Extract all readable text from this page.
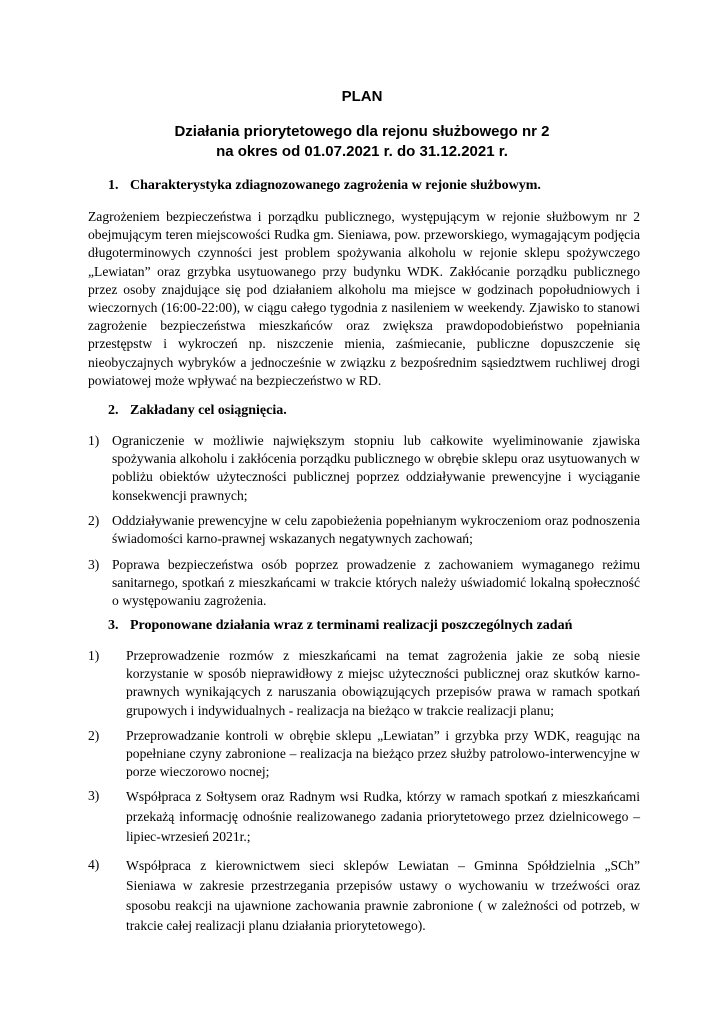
PLAN
Działania priorytetowego dla rejonu służbowego nr 2
na okres od 01.07.2021 r. do 31.12.2021 r.
1. Charakterystyka zdiagnozowanego zagrożenia w rejonie służbowym.
Zagrożeniem bezpieczeństwa i porządku publicznego, występującym w rejonie służbowym nr 2 obejmującym teren miejscowości Rudka gm. Sieniawa, pow. przeworskiego, wymagającym podjęcia długoterminowych czynności jest problem spożywania alkoholu w rejonie sklepu spożywczego „Lewiatan” oraz grzybka usytuowanego przy budynku WDK. Zakłócanie porządku publicznego przez osoby znajdujące się pod działaniem alkoholu ma miejsce w godzinach popołudniowych i wieczornych (16:00-22:00), w ciągu całego tygodnia z nasileniem w weekendy. Zjawisko to stanowi zagrożenie bezpieczeństwa mieszkańców oraz zwiększa prawdopodobieństwo popełniania przestępstw i wykroczeń np. niszczenie mienia, zaśmiecanie, publiczne dopuszczenie się nieobyczajnych wybryków a jednocześnie w związku z bezpośrednim sąsiedztwem ruchliwej drogi powiatowej może wpływać na bezpieczeństwo w RD.
2. Zakładany cel osiągnięcia.
1) Ograniczenie w możliwie największym stopniu lub całkowite wyeliminowanie zjawiska spożywania alkoholu i zakłócenia porządku publicznego w obrębie sklepu oraz usytuowanych w pobliżu obiektów użyteczności publicznej poprzez oddziaływanie prewencyjne i wyciąganie konsekwencji prawnych;
2) Oddziaływanie prewencyjne w celu zapobieżenia popełnianym wykroczeniom oraz podnoszenia świadomości karno-prawnej wskazanych negatywnych zachowań;
3) Poprawa bezpieczeństwa osób poprzez prowadzenie z zachowaniem wymaganego reżimu sanitarnego, spotkań z mieszkańcami w trakcie których należy uświadomić lokalną społeczność o występowaniu zagrożenia.
3. Proponowane działania wraz z terminami realizacji poszczególnych zadań
1) Przeprowadzenie rozmów z mieszkańcami na temat zagrożenia jakie ze sobą niesie korzystanie w sposób nieprawidłowy z miejsc użyteczności publicznej oraz skutków karno-prawnych wynikających z naruszania obowiązujących przepisów prawa w ramach spotkań grupowych i indywidualnych - realizacja na bieżąco w trakcie realizacji planu;
2) Przeprowadzanie kontroli w obrębie sklepu „Lewiatan” i grzybka przy WDK, reagując na popełniane czyny zabronione – realizacja na bieżąco przez służby patrolowo-interwencyjne w porze wieczorowo nocnej;
3) Współpraca z Sołtysem oraz Radnym wsi Rudka, którzy w ramach spotkań z mieszkańcami przekażą informację odnośnie realizowanego zadania priorytetowego przez dzielnicowego – lipiec-wrzesień 2021r.;
4) Współpraca z kierownictwem sieci sklepów Lewiatan – Gminna Spółdzielnia „SCh” Sieniawa w zakresie przestrzegania przepisów ustawy o wychowaniu w trzeźwości oraz sposobu reakcji na ujawnione zachowania prawnie zabronione ( w zależności od potrzeb, w trakcie całej realizacji planu działania priorytetowego).
